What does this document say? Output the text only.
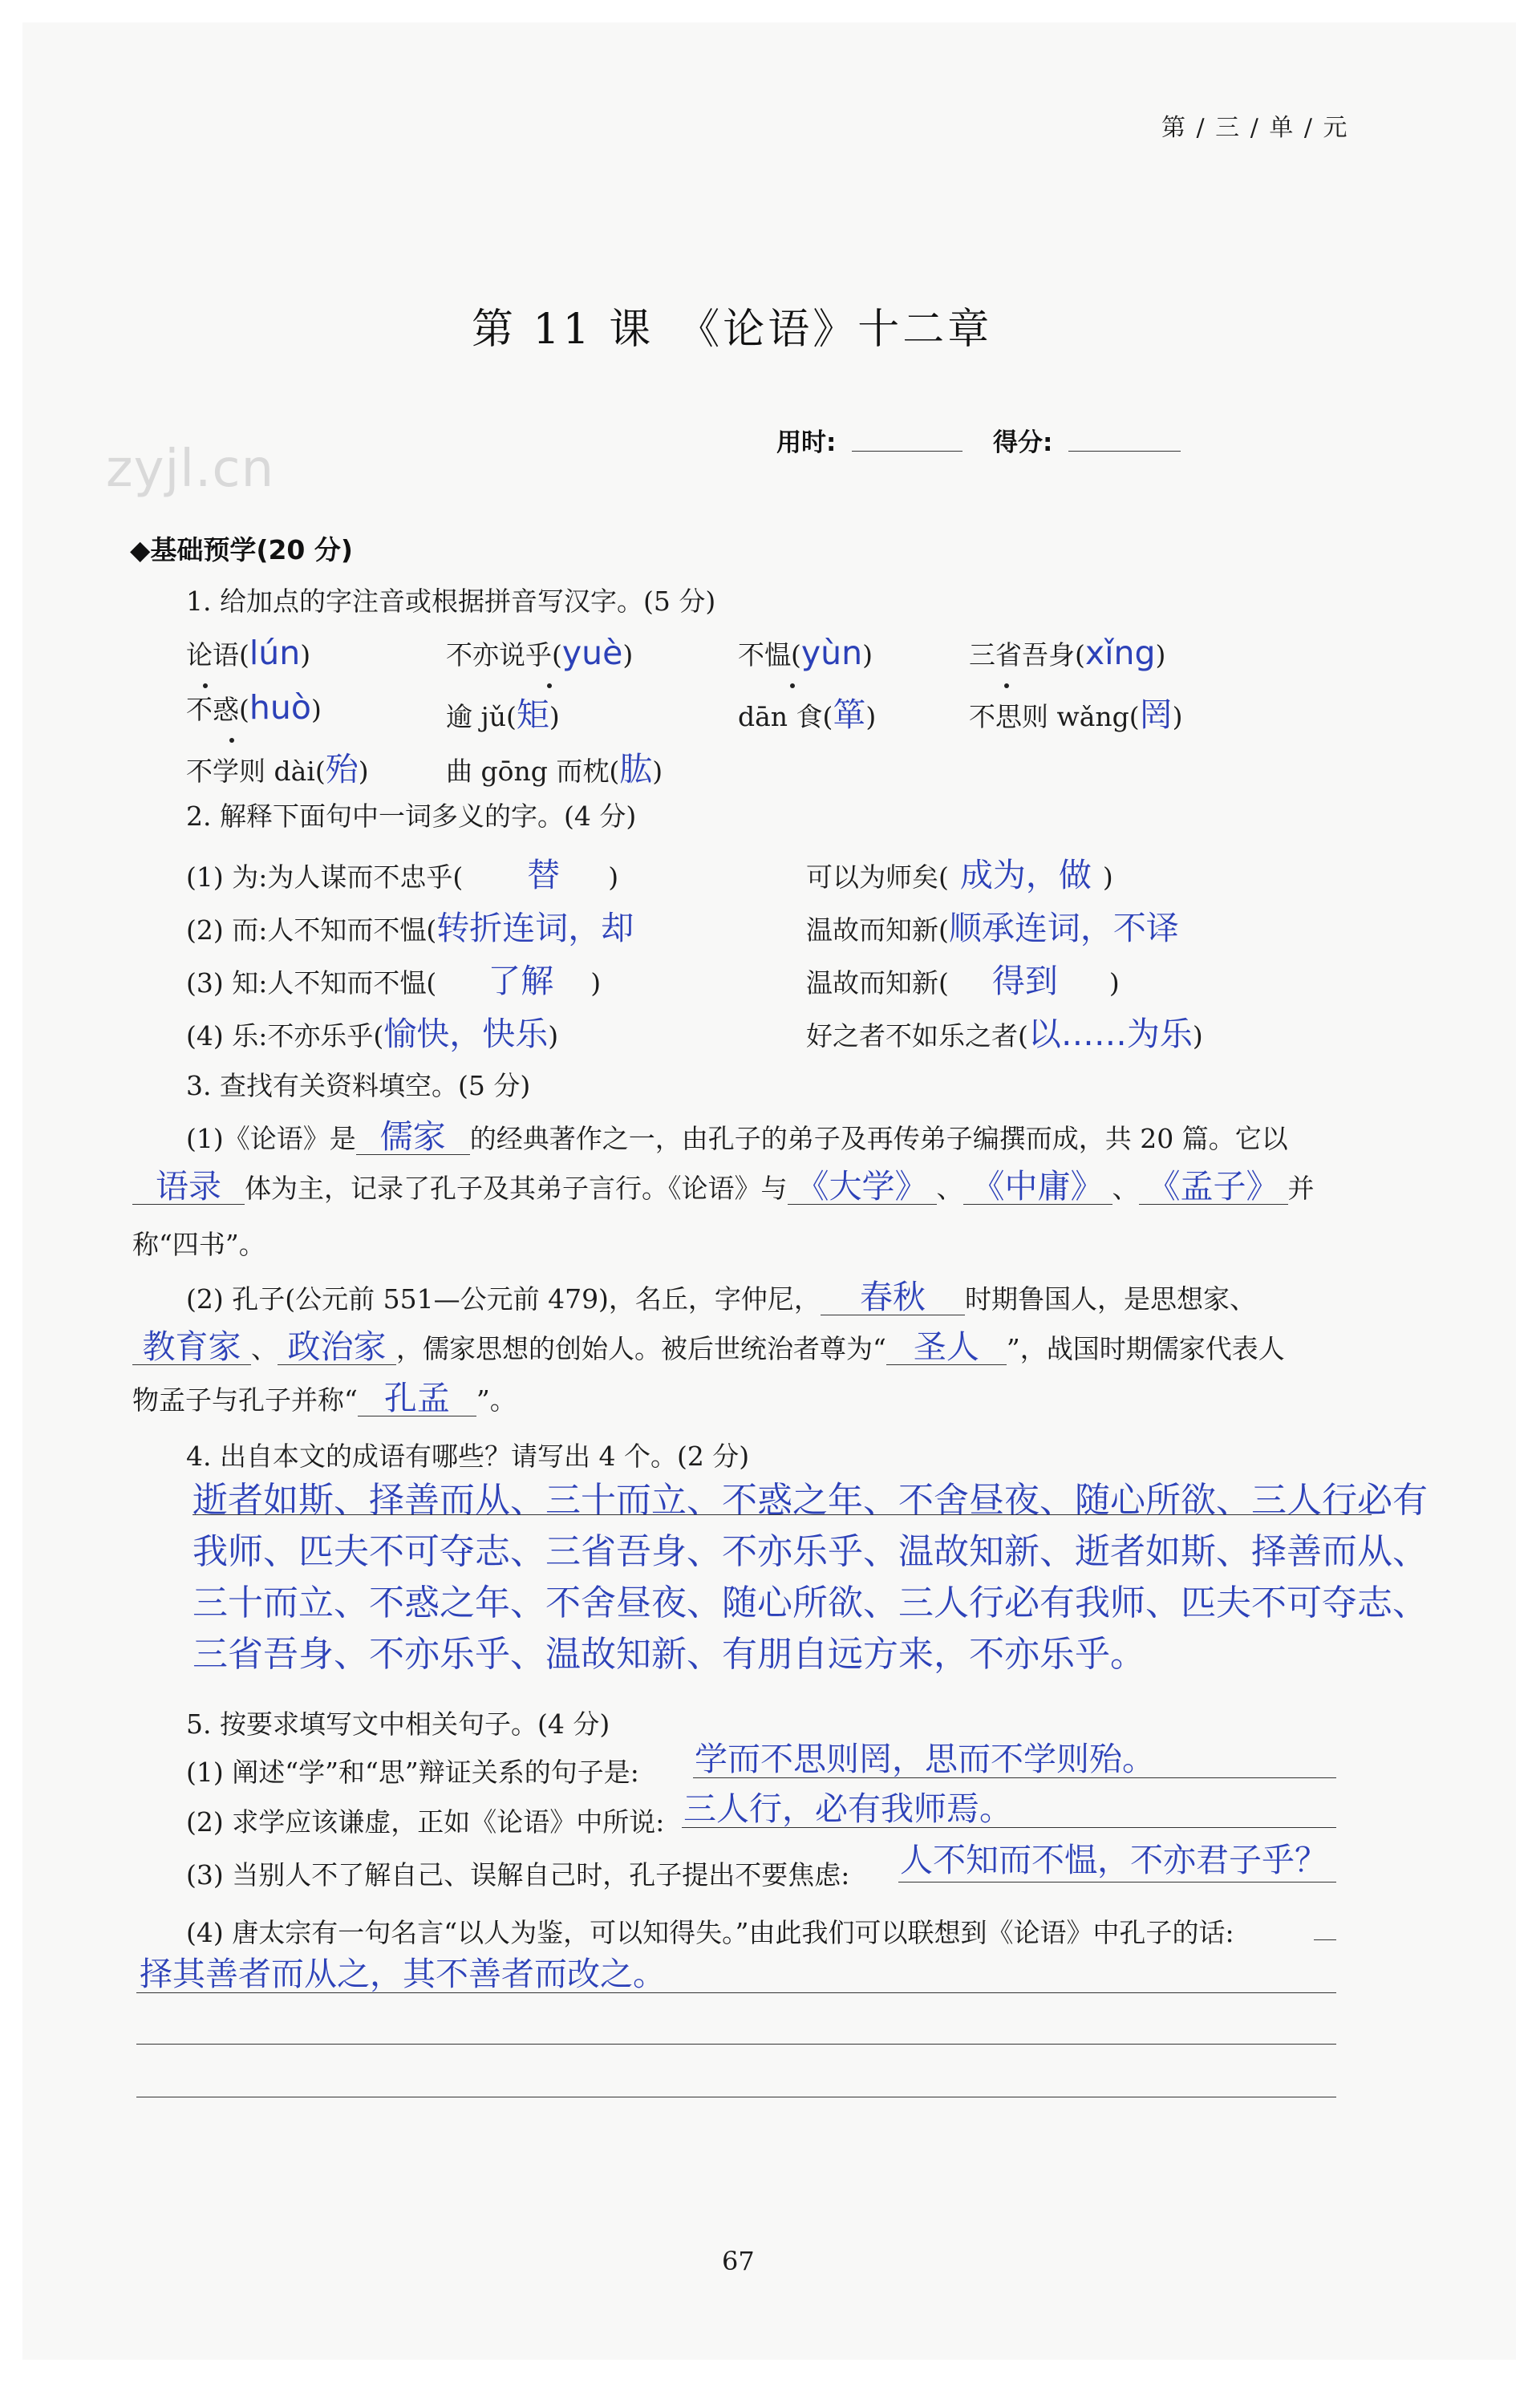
第 / 三 / 单 / 元
zyjl.cn
第 11 课　《论语》十二章
用时:	得分:
◆基础预学(20 分)
1. 给加点的字注音或根据拼音写汉字。(5 分)
论语(lún)	不亦说乎(yuè)	不愠(yùn)	三省吾身(xǐng)
不惑(huò)	逾 jǔ(矩)	dān 食(箪)	不思则 wǎng(罔)
不学则 dài(殆)	曲 gōng 而枕(肱)
2. 解释下面句中一词多义的字。(4 分)
(1) 为:为人谋而不忠乎( 替 )	可以为师矣( 成为，做 )
(2) 而:人不知而不愠(转折连词，却	温故而知新(顺承连词，不译
(3) 知:人不知而不愠( 了解 )	温故而知新( 得到 )
(4) 乐:不亦乐乎(愉快，快乐)	好之者不如乐之者(以……为乐)
3. 查找有关资料填空。(5 分)
(1)《论语》是 儒家 的经典著作之一，由孔子的弟子及再传弟子编撰而成，共 20 篇。它以
语录 体为主，记录了孔子及其弟子言行。《论语》与 《大学》 、 《中庸》 、 《孟子》 并
称“四书”。
(2) 孔子(公元前 551—公元前 479)，名丘，字仲尼， 春秋 时期鲁国人，是思想家、
教育家 、 政治家 ，儒家思想的创始人。被后世统治者尊为“ 圣人 ”，战国时期儒家代表人
物孟子与孔子并称“ 孔孟 ”。
4. 出自本文的成语有哪些？请写出 4 个。(2 分)
逝者如斯、择善而从、三十而立、不惑之年、不舍昼夜、随心所欲、三人行必有
我师、匹夫不可夺志、三省吾身、不亦乐乎、温故知新、逝者如斯、择善而从、
三十而立、不惑之年、不舍昼夜、随心所欲、三人行必有我师、匹夫不可夺志、
三省吾身、不亦乐乎、温故知新、有朋自远方来，不亦乐乎。
5. 按要求填写文中相关句子。(4 分)
(1) 阐述“学”和“思”辩证关系的句子是: 学而不思则罔，思而不学则殆。
(2) 求学应该谦虚，正如《论语》中所说: 三人行，必有我师焉。
(3) 当别人不了解自己、误解自己时，孔子提出不要焦虑: 人不知而不愠，不亦君子乎？
(4) 唐太宗有一句名言“以人为鉴，可以知得失。”由此我们可以联想到《论语》中孔子的话:
择其善者而从之，其不善者而改之。
67
